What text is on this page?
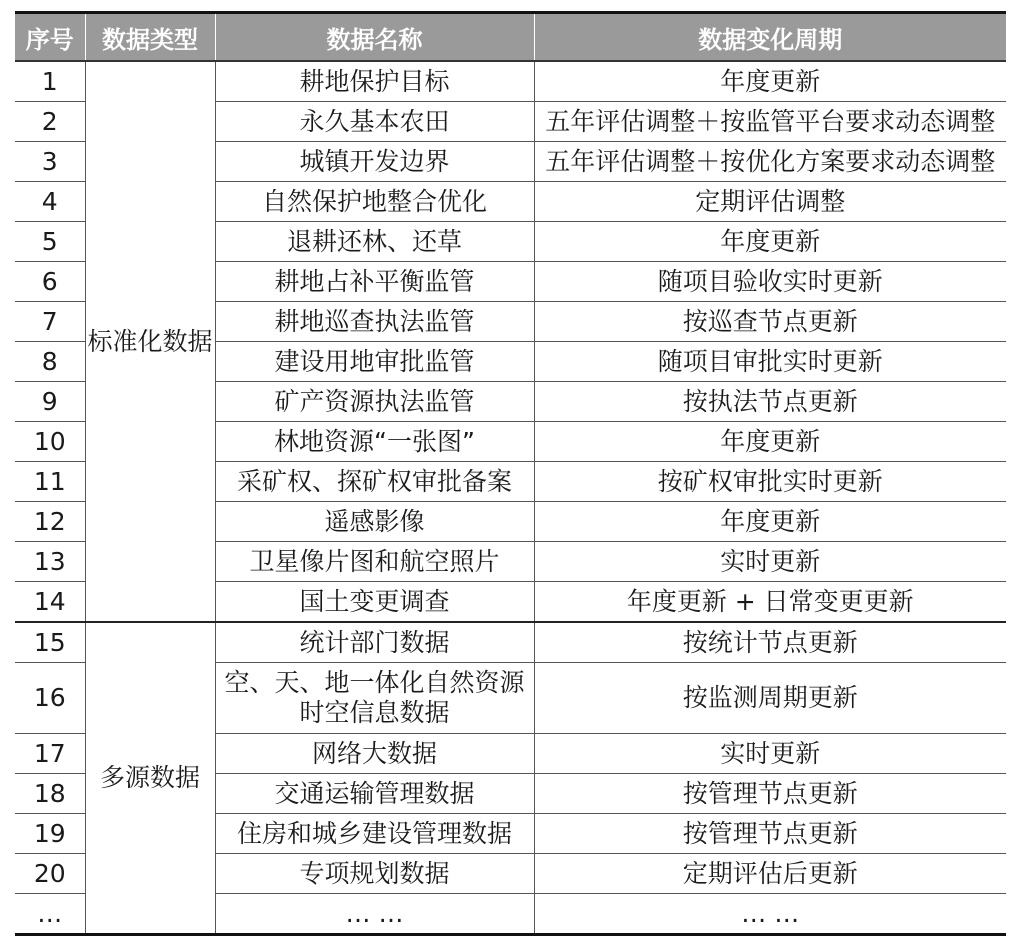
序号	数据类型	数据名称	数据变化周期
1	标准化数据	耕地保护目标	年度更新
2		永久基本农田	五年评估调整＋按监管平台要求动态调整
3		城镇开发边界	五年评估调整＋按优化方案要求动态调整
4		自然保护地整合优化	定期评估调整
5		退耕还林、还草	年度更新
6		耕地占补平衡监管	随项目验收实时更新
7		耕地巡查执法监管	按巡查节点更新
8		建设用地审批监管	随项目审批实时更新
9		矿产资源执法监管	按执法节点更新
10		林地资源“一张图”	年度更新
11		采矿权、探矿权审批备案	按矿权审批实时更新
12		遥感影像	年度更新
13		卫星像片图和航空照片	实时更新
14		国土变更调查	年度更新 + 日常变更更新
15	多源数据	统计部门数据	按统计节点更新
16		空、天、地一体化自然资源时空信息数据	按监测周期更新
17		网络大数据	实时更新
18		交通运输管理数据	按管理节点更新
19		住房和城乡建设管理数据	按管理节点更新
20		专项规划数据	定期评估后更新
…		… …	… …
